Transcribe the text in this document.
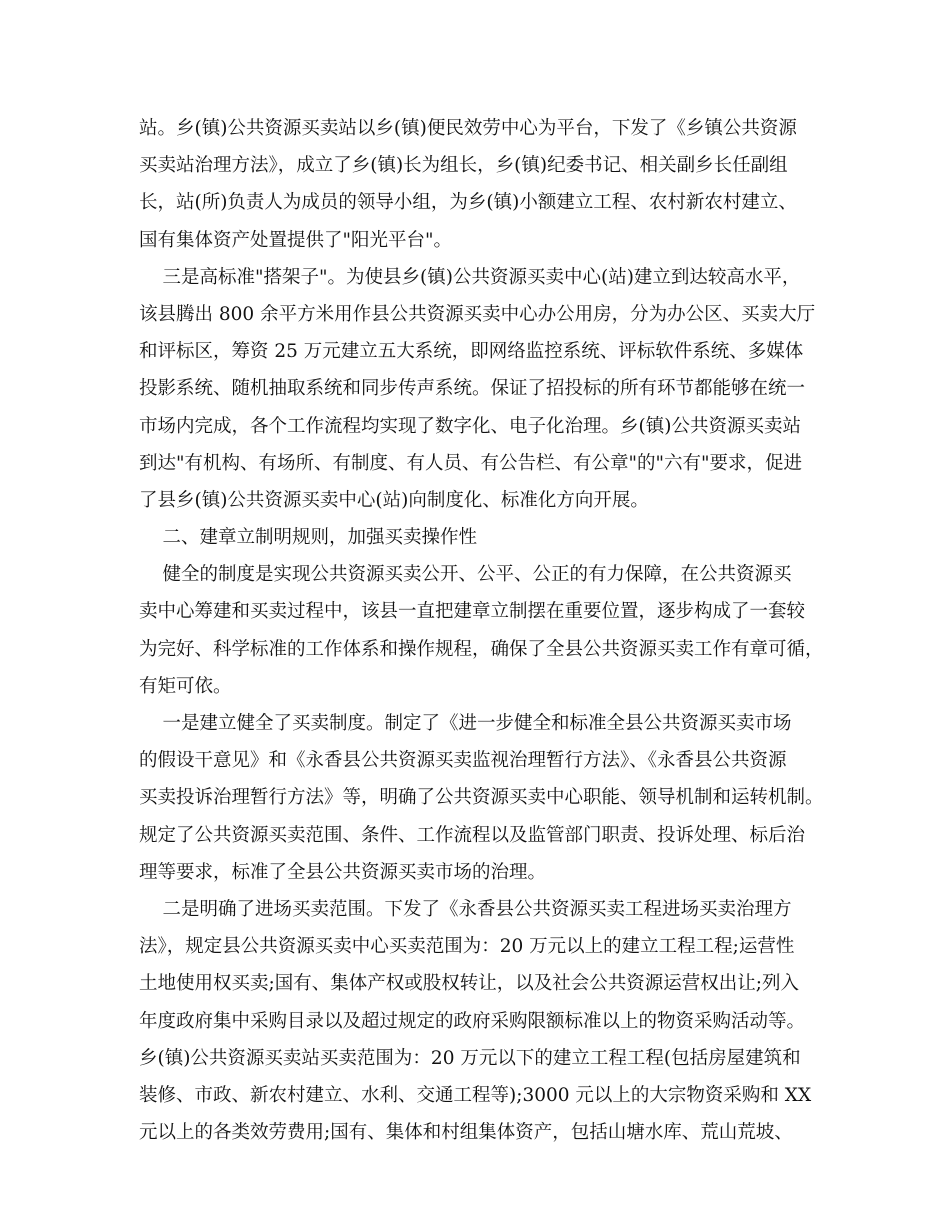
站。乡(镇)公共资源买卖站以乡(镇)便民效劳中心为平台，下发了《乡镇公共资源
买卖站治理方法》，成立了乡(镇)长为组长，乡(镇)纪委书记、相关副乡长任副组
长，站(所)负责人为成员的领导小组，为乡(镇)小额建立工程、农村新农村建立、
国有集体资产处置提供了"阳光平台"。
三是高标准"搭架子"。为使县乡(镇)公共资源买卖中心(站)建立到达较高水平，
该县腾出 800 余平方米用作县公共资源买卖中心办公用房，分为办公区、买卖大厅
和评标区，筹资 25 万元建立五大系统，即网络监控系统、评标软件系统、多媒体
投影系统、随机抽取系统和同步传声系统。保证了招投标的所有环节都能够在统一
市场内完成，各个工作流程均实现了数字化、电子化治理。乡(镇)公共资源买卖站
到达"有机构、有场所、有制度、有人员、有公告栏、有公章"的"六有"要求，促进
了县乡(镇)公共资源买卖中心(站)向制度化、标准化方向开展。
二、建章立制明规则，加强买卖操作性
健全的制度是实现公共资源买卖公开、公平、公正的有力保障，在公共资源买
卖中心筹建和买卖过程中，该县一直把建章立制摆在重要位置，逐步构成了一套较
为完好、科学标准的工作体系和操作规程，确保了全县公共资源买卖工作有章可循，
有矩可依。
一是建立健全了买卖制度。制定了《进一步健全和标准全县公共资源买卖市场
的假设干意见》和《永香县公共资源买卖监视治理暂行方法》、《永香县公共资源
买卖投诉治理暂行方法》等，明确了公共资源买卖中心职能、领导机制和运转机制。
规定了公共资源买卖范围、条件、工作流程以及监管部门职责、投诉处理、标后治
理等要求，标准了全县公共资源买卖市场的治理。
二是明确了进场买卖范围。下发了《永香县公共资源买卖工程进场买卖治理方
法》，规定县公共资源买卖中心买卖范围为：20 万元以上的建立工程工程;运营性
土地使用权买卖;国有、集体产权或股权转让，以及社会公共资源运营权出让;列入
年度政府集中采购目录以及超过规定的政府采购限额标准以上的物资采购活动等。
乡(镇)公共资源买卖站买卖范围为：20 万元以下的建立工程工程(包括房屋建筑和
装修、市政、新农村建立、水利、交通工程等);3000 元以上的大宗物资采购和 XX
元以上的各类效劳费用;国有、集体和村组集体资产，包括山塘水库、荒山荒坡、
